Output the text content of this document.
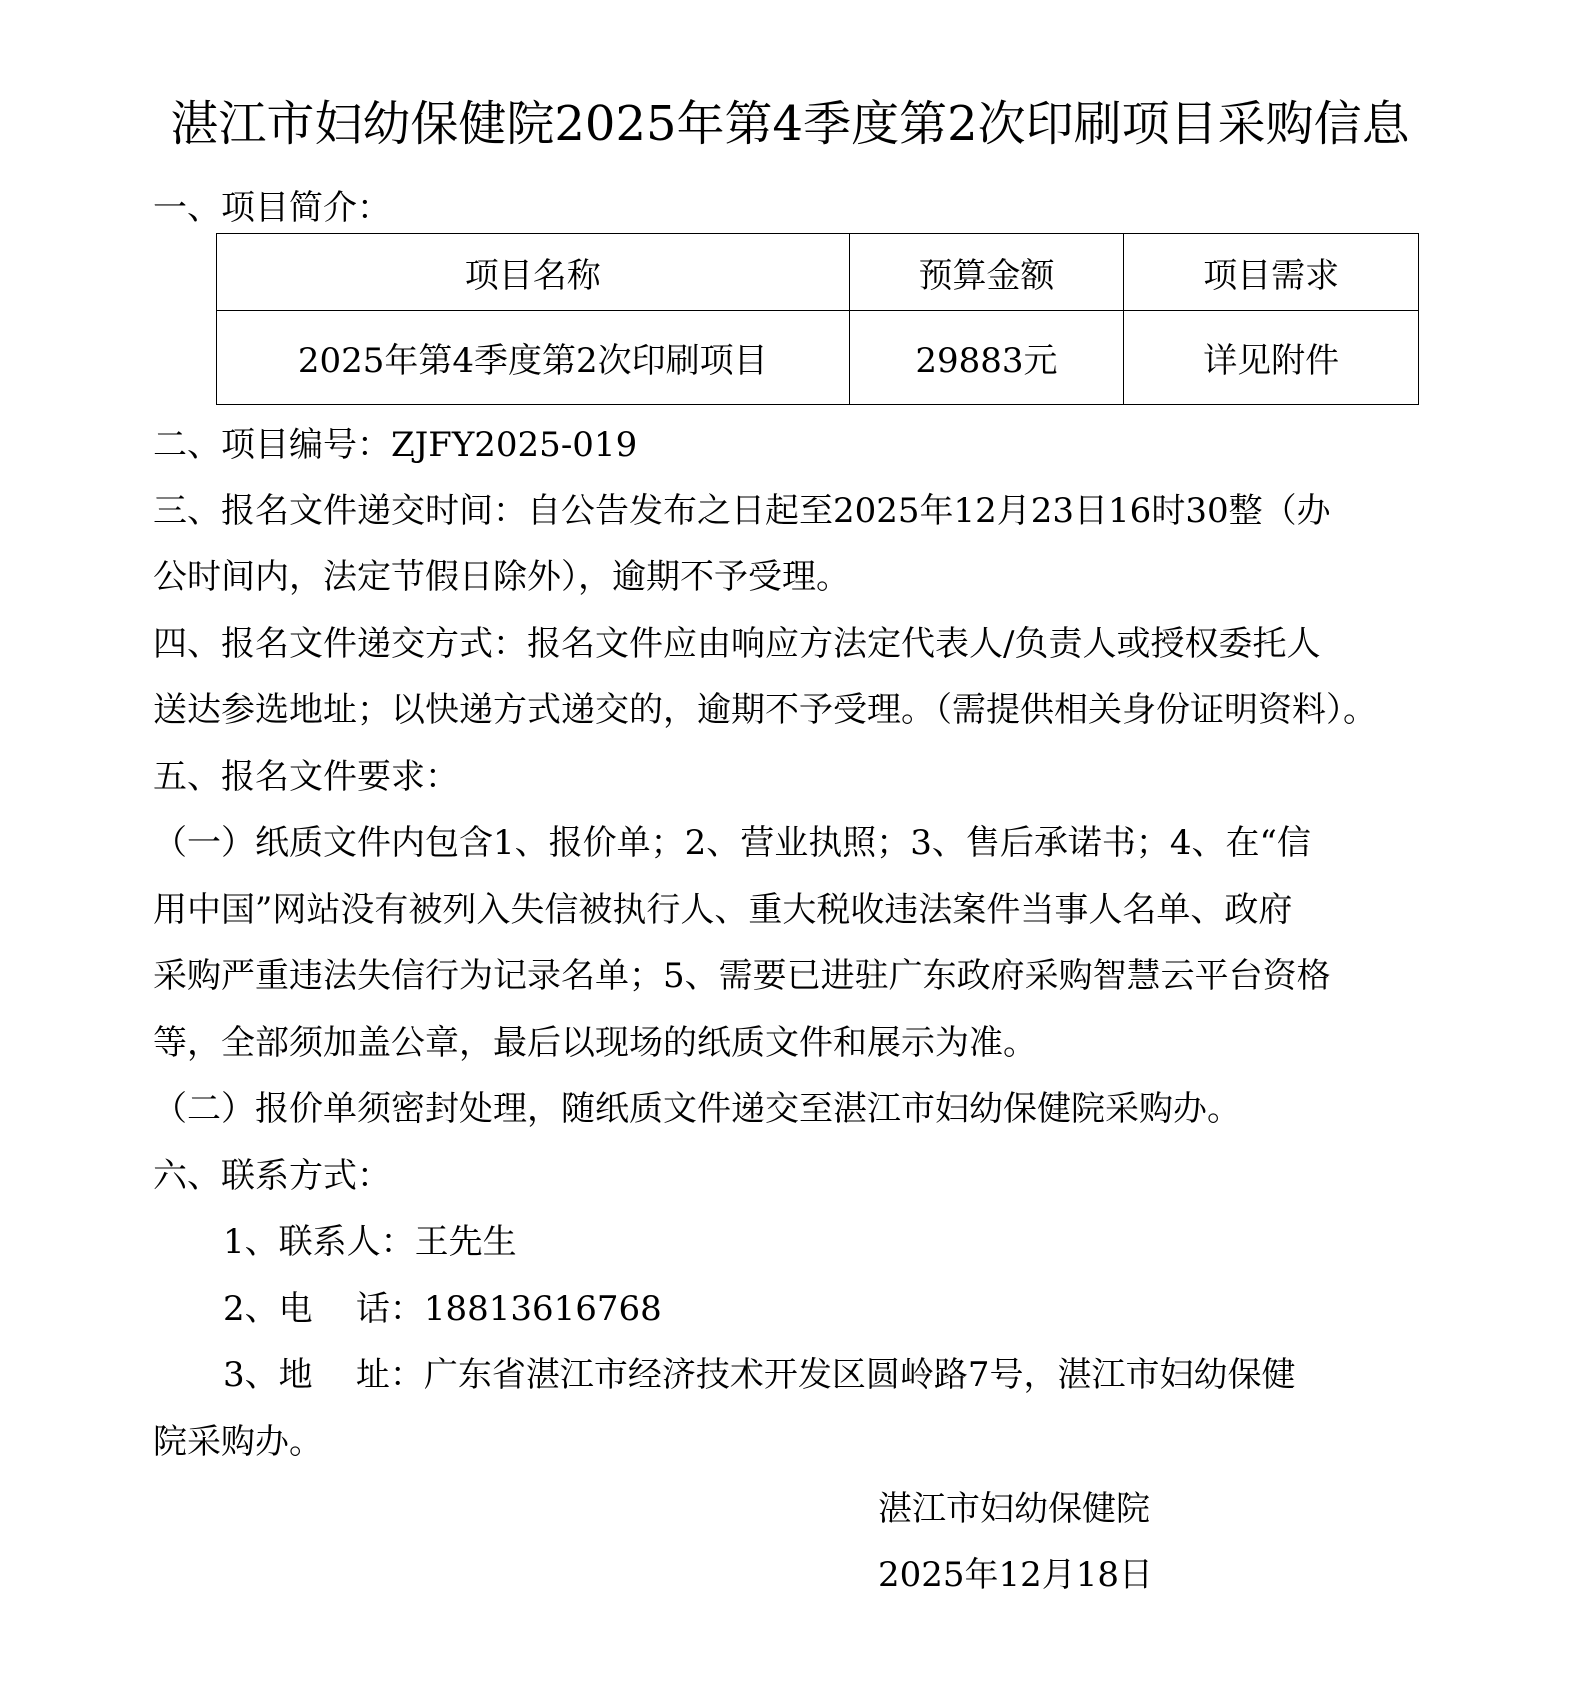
湛江市妇幼保健院2025年第4季度第2次印刷项目采购信息
一、项目简介：
项目名称	预算金额	项目需求
2025年第4季度第2次印刷项目	29883元	详见附件
二、项目编号：ZJFY2025-019
三、报名文件递交时间：自公告发布之日起至2025年12月23日16时30整（办
公时间内，法定节假日除外），逾期不予受理。
四、报名文件递交方式：报名文件应由响应方法定代表人/负责人或授权委托人
送达参选地址；以快递方式递交的，逾期不予受理。（需提供相关身份证明资料）。
五、报名文件要求：
（一）纸质文件内包含1、报价单；2、营业执照；3、售后承诺书；4、在“信
用中国”网站没有被列入失信被执行人、重大税收违法案件当事人名单、政府
采购严重违法失信行为记录名单；5、需要已进驻广东政府采购智慧云平台资格
等，全部须加盖公章，最后以现场的纸质文件和展示为准。
（二）报价单须密封处理，随纸质文件递交至湛江市妇幼保健院采购办。
六、联系方式：
1、联系人：王先生
2、电    话：18813616768
3、地    址：广东省湛江市经济技术开发区圆岭路7号，湛江市妇幼保健
院采购办。
湛江市妇幼保健院
2025年12月18日
